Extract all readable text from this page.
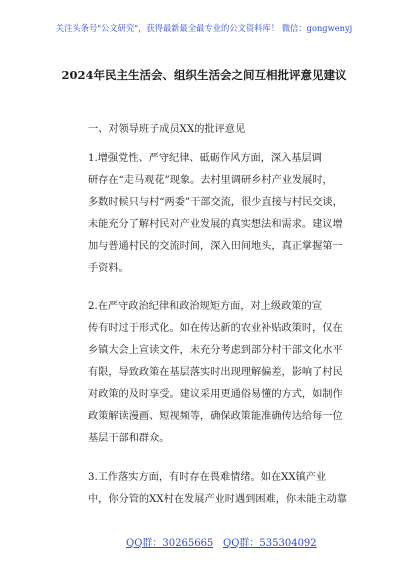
关注头条号"公文研究"，获得最新最全最专业的公文资料库！ 微信：gongwenyj
2024年民主生活会、组织生活会之间互相批评意见建议
一、对领导班子成员XX的批评意见
1.增强党性、严守纪律、砥砺作风方面，深入基层调
研存在“走马观花”现象。去村里调研乡村产业发展时，
多数时候只与村“两委”干部交流，很少直接与村民交谈，
未能充分了解村民对产业发展的真实想法和需求。建议增
加与普通村民的交流时间，深入田间地头，真正掌握第一
手资料。
2.在严守政治纪律和政治规矩方面，对上级政策的宣
传有时过于形式化。如在传达新的农业补贴政策时，仅在
乡镇大会上宣读文件，未充分考虑到部分村干部文化水平
有限，导致政策在基层落实时出现理解偏差，影响了村民
对政策的及时享受。建议采用更通俗易懂的方式，如制作
政策解读漫画、短视频等，确保政策能准确传达给每一位
基层干部和群众。
3.工作落实方面，有时存在畏难情绪。如在XX镇产业
中，你分管的XX村在发展产业时遇到困难，你未能主动靠
QQ群：30265665 QQ群：535304092
